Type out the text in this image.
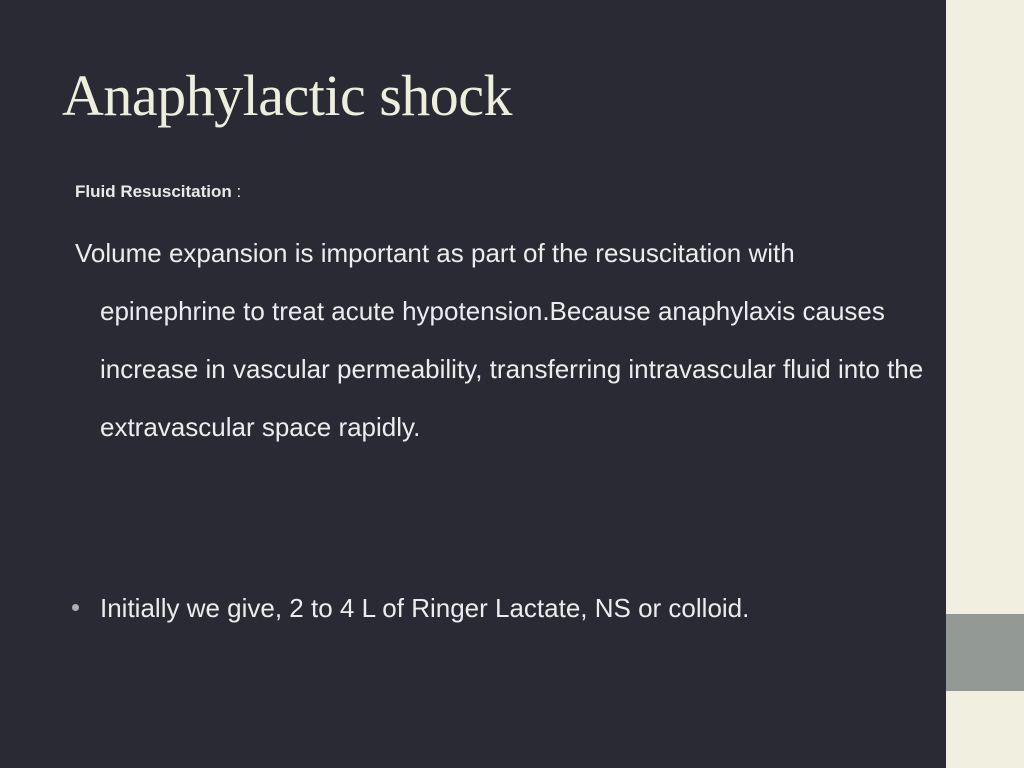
Anaphylactic shock
Fluid Resuscitation :

Volume expansion is important as part of the resuscitation with epinephrine to treat acute hypotension.Because anaphylaxis causes increase in vascular permeability, transferring intravascular fluid into the extravascular space rapidly.

Initially we give, 2 to 4 L of Ringer Lactate, NS or colloid.
